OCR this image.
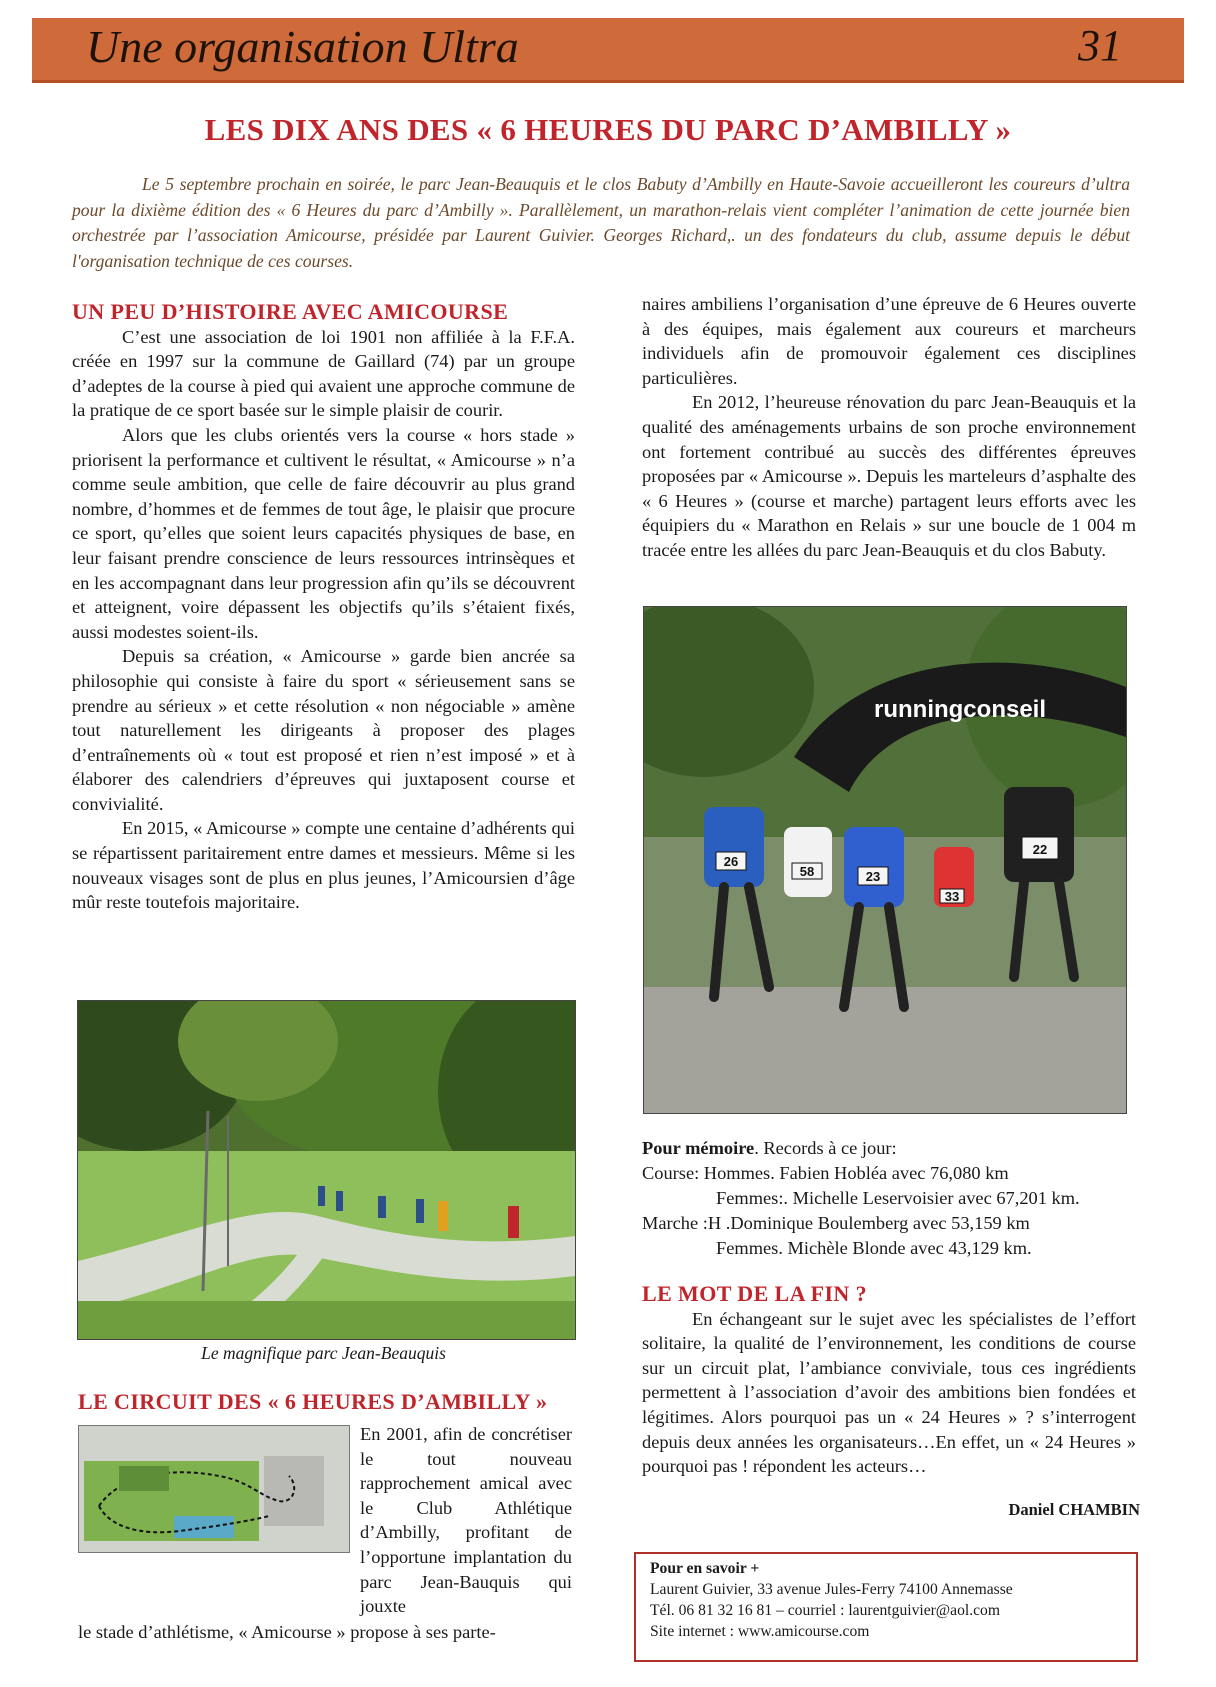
Une organisation Ultra	31
LES DIX ANS DES « 6 HEURES DU PARC D’AMBILLY »

Le 5 septembre prochain en soirée, le parc Jean-Beauquis et le clos Babuty d’Ambilly en Haute-Savoie accueilleront les coureurs d’ultra pour la dixième édition des « 6 Heures du parc d’Ambilly ». Parallèlement, un marathon-relais vient compléter l’animation de cette journée bien orchestrée par l’association Amicourse, présidée par Laurent Guivier. Georges Richard,. un des fondateurs du club, assume depuis le début l'organisation technique de ces courses.

UN PEU D’HISTOIRE AVEC AMICOURSE

C’est une association de loi 1901 non affiliée à la F.F.A. créée en 1997 sur la commune de Gaillard (74) par un groupe d’adeptes de la course à pied qui avaient une approche commune de la pratique de ce sport basée sur le simple plaisir de courir.

Alors que les clubs orientés vers la course « hors stade » priorisent la performance et cultivent le résultat, « Amicourse » n’a comme seule ambition, que celle de faire découvrir au plus grand nombre, d’hommes et de femmes de tout âge, le plaisir que procure ce sport, qu’elles que soient leurs capacités physiques de base, en leur faisant prendre conscience de leurs ressources intrinsèques et en les accompagnant dans leur progression afin qu’ils se découvrent et atteignent, voire dépassent les objectifs qu’ils s’étaient fixés, aussi modestes soient-ils.

Depuis sa création, « Amicourse » garde bien ancrée sa philosophie qui consiste à faire du sport « sérieusement sans se prendre au sérieux » et cette résolution « non négociable » amène tout naturellement les dirigeants à proposer des plages d’entraînements où « tout est proposé et rien n’est imposé » et à élaborer des calendriers d’épreuves qui juxtaposent course et convivialité.

En 2015, « Amicourse » compte une centaine d’adhérents qui se répartissent paritairement entre dames et messieurs. Même si les nouveaux visages sont de plus en plus jeunes, l’Amicoursien d’âge mûr reste toutefois majoritaire.

Le magnifique parc Jean-Beauquis

LE CIRCUIT DES « 6 HEURES D’AMBILLY »

En 2001, afin de concrétiser le tout nouveau rapprochement amical avec le Club Athlétique d’Ambilly, profitant de l’opportune implantation du parc Jean-Bauquis qui jouxte
le stade d’athlétisme, « Amicourse » propose à ses parte-

naires ambiliens l’organisation d’une épreuve de 6 Heures ouverte à des équipes, mais également aux coureurs et marcheurs individuels afin de promouvoir également ces disciplines particulières.

En 2012, l’heureuse rénovation du parc Jean-Beauquis et la qualité des aménagements urbains de son proche environnement ont fortement contribué au succès des différentes épreuves proposées par « Amicourse ». Depuis les marteleurs d’asphalte des « 6 Heures » (course et marche) partagent leurs efforts avec les équipiers du « Marathon en Relais » sur une boucle de 1 004 m tracée entre les allées du parc Jean-Beauquis et du clos Babuty.

runningconseil
26
58	23
22
33
Pour mémoire. Records à ce jour:
Course: Hommes. Fabien Hobléa avec 76,080 km
Femmes:. Michelle Leservoisier avec 67,201 km.
Marche :H .Dominique Boulemberg avec 53,159 km
Femmes. Michèle Blonde avec 43,129 km.

LE MOT DE LA FIN ?

En échangeant sur le sujet avec les spécialistes de l’effort solitaire, la qualité de l’environnement, les conditions de course sur un circuit plat, l’ambiance conviviale, tous ces ingrédients permettent à l’association d’avoir des ambitions bien fondées et légitimes. Alors pourquoi pas un « 24 Heures » ? s’interrogent depuis deux années les organisateurs…En effet, un « 24 Heures » pourquoi pas ! répondent les acteurs…

Daniel CHAMBIN
Pour en savoir +
Laurent Guivier, 33 avenue Jules-Ferry 74100 Annemasse
Tél. 06 81 32 16 81 – courriel : laurentguivier@aol.com
Site internet : www.amicourse.com
